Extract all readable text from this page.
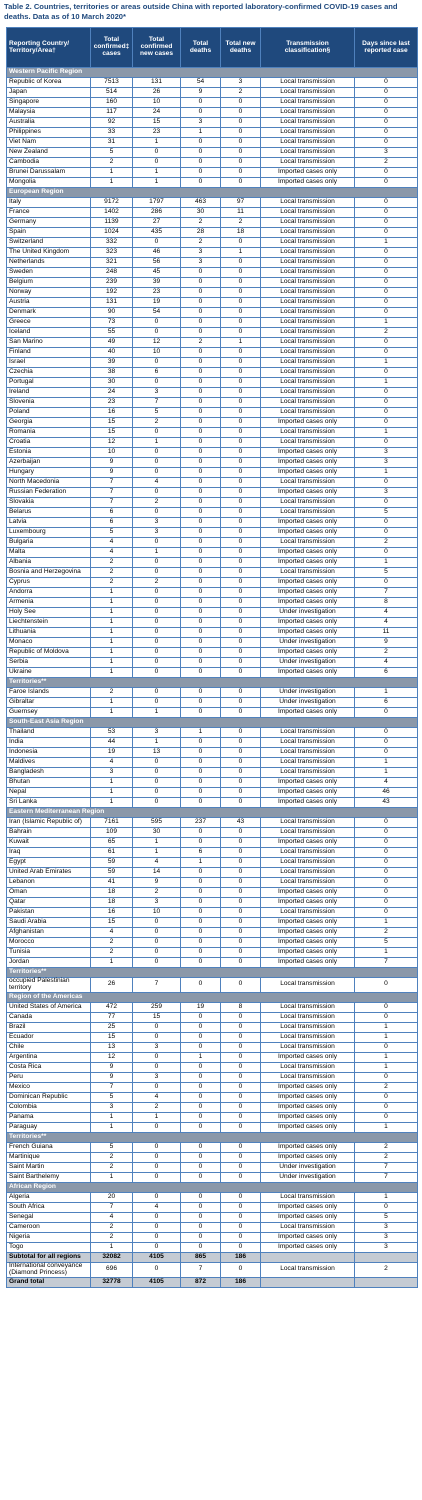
Table 2. Countries, territories or areas outside China with reported laboratory-confirmed COVID-19 cases and deaths. Data as of 10 March 2020*
Reporting Country/ Territory/Area†	Total confirmed‡ cases	Total confirmed new cases	Total deaths	Total new deaths	Transmission classification§	Days since last reported case
Western Pacific Region						
Republic of Korea	7513	131	54	3	Local transmission	0
Japan	514	26	9	2	Local transmission	0
Singapore	160	10	0	0	Local transmission	0
Malaysia	117	24	0	0	Local transmission	0
Australia	92	15	3	0	Local transmission	0
Philippines	33	23	1	0	Local transmission	0
Viet Nam	31	1	0	0	Local transmission	0
New Zealand	5	0	0	0	Local transmission	3
Cambodia	2	0	0	0	Local transmission	2
Brunei Darussalam	1	1	0	0	Imported cases only	0
Mongolia	1	1	0	0	Imported cases only	0
European Region						
Italy	9172	1797	463	97	Local transmission	0
France	1402	286	30	11	Local transmission	0
Germany	1139	27	2	2	Local transmission	0
Spain	1024	435	28	18	Local transmission	0
Switzerland	332	0	2	0	Local transmission	1
The United Kingdom	323	46	3	1	Local transmission	0
Netherlands	321	56	3	0	Local transmission	0
Sweden	248	45	0	0	Local transmission	0
Belgium	239	39	0	0	Local transmission	0
Norway	192	23	0	0	Local transmission	0
Austria	131	19	0	0	Local transmission	0
Denmark	90	54	0	0	Local transmission	0
Greece	73	0	0	0	Local transmission	1
Iceland	55	0	0	0	Local transmission	2
San Marino	49	12	2	1	Local transmission	0
Finland	40	10	0	0	Local transmission	0
Israel	39	0	0	0	Local transmission	1
Czechia	38	6	0	0	Local transmission	0
Portugal	30	0	0	0	Local transmission	1
Ireland	24	3	0	0	Local transmission	0
Slovenia	23	7	0	0	Local transmission	0
Poland	16	5	0	0	Local transmission	0
Georgia	15	2	0	0	Imported cases only	0
Romania	15	0	0	0	Local transmission	1
Croatia	12	1	0	0	Local transmission	0
Estonia	10	0	0	0	Imported cases only	3
Azerbaijan	9	0	0	0	Imported cases only	3
Hungary	9	0	0	0	Imported cases only	1
North Macedonia	7	4	0	0	Local transmission	0
Russian Federation	7	0	0	0	Imported cases only	3
Slovakia	7	2	0	0	Local transmission	0
Belarus	6	0	0	0	Local transmission	5
Latvia	6	3	0	0	Imported cases only	0
Luxembourg	5	3	0	0	Imported cases only	0
Bulgaria	4	0	0	0	Local transmission	2
Malta	4	1	0	0	Imported cases only	0
Albania	2	0	0	0	Imported cases only	1
Bosnia and Herzegovina	2	0	0	0	Local transmission	5
Cyprus	2	2	0	0	Imported cases only	0
Andorra	1	0	0	0	Imported cases only	7
Armenia	1	0	0	0	Imported cases only	8
Holy See	1	0	0	0	Under investigation	4
Liechtenstein	1	0	0	0	Imported cases only	4
Lithuania	1	0	0	0	Imported cases only	11
Monaco	1	0	0	0	Under investigation	9
Republic of Moldova	1	0	0	0	Imported cases only	2
Serbia	1	0	0	0	Under investigation	4
Ukraine	1	0	0	0	Imported cases only	6
Territories**						
Faroe Islands	2	0	0	0	Under investigation	1
Gibraltar	1	0	0	0	Under investigation	6
Guernsey	1	1	0	0	Imported cases only	0
South-East Asia Region						
Thailand	53	3	1	0	Local transmission	0
India	44	1	0	0	Local transmission	0
Indonesia	19	13	0	0	Local transmission	0
Maldives	4	0	0	0	Local transmission	1
Bangladesh	3	0	0	0	Local transmission	1
Bhutan	1	0	0	0	Imported cases only	4
Nepal	1	0	0	0	Imported cases only	46
Sri Lanka	1	0	0	0	Imported cases only	43
Eastern Mediterranean Region						
Iran (Islamic Republic of)	7161	595	237	43	Local transmission	0
Bahrain	109	30	0	0	Local transmission	0
Kuwait	65	1	0	0	Imported cases only	0
Iraq	61	1	6	0	Local transmission	0
Egypt	59	4	1	0	Local transmission	0
United Arab Emirates	59	14	0	0	Local transmission	0
Lebanon	41	9	0	0	Local transmission	0
Oman	18	2	0	0	Imported cases only	0
Qatar	18	3	0	0	Imported cases only	0
Pakistan	16	10	0	0	Local transmission	0
Saudi Arabia	15	0	0	0	Imported cases only	1
Afghanistan	4	0	0	0	Imported cases only	2
Morocco	2	0	0	0	Imported cases only	5
Tunisia	2	0	0	0	Imported cases only	1
Jordan	1	0	0	0	Imported cases only	7
Territories**						
occupied Palestinian territory	26	7	0	0	Local transmission	0
Region of the Americas						
United States of America	472	259	19	8	Local transmission	0
Canada	77	15	0	0	Local transmission	0
Brazil	25	0	0	0	Local transmission	1
Ecuador	15	0	0	0	Local transmission	1
Chile	13	3	0	0	Local transmission	0
Argentina	12	0	1	0	Imported cases only	1
Costa Rica	9	0	0	0	Local transmission	1
Peru	9	3	0	0	Local transmission	0
Mexico	7	0	0	0	Imported cases only	2
Dominican Republic	5	4	0	0	Imported cases only	0
Colombia	3	2	0	0	Imported cases only	0
Panama	1	1	0	0	Imported cases only	0
Paraguay	1	0	0	0	Imported cases only	1
Territories**						
French Guiana	5	0	0	0	Imported cases only	2
Martinique	2	0	0	0	Imported cases only	2
Saint Martin	2	0	0	0	Under investigation	7
Saint Barthelemy	1	0	0	0	Under investigation	7
African Region						
Algeria	20	0	0	0	Local transmission	1
South Africa	7	4	0	0	Imported cases only	0
Senegal	4	0	0	0	Imported cases only	5
Cameroon	2	0	0	0	Local transmission	3
Nigeria	2	0	0	0	Imported cases only	3
Togo	1	0	0	0	Imported cases only	3
Subtotal for all regions	32082	4105	865	186		
International conveyance (Diamond Princess)	696	0	7	0	Local transmission	2
Grand total	32778	4105	872	186		
